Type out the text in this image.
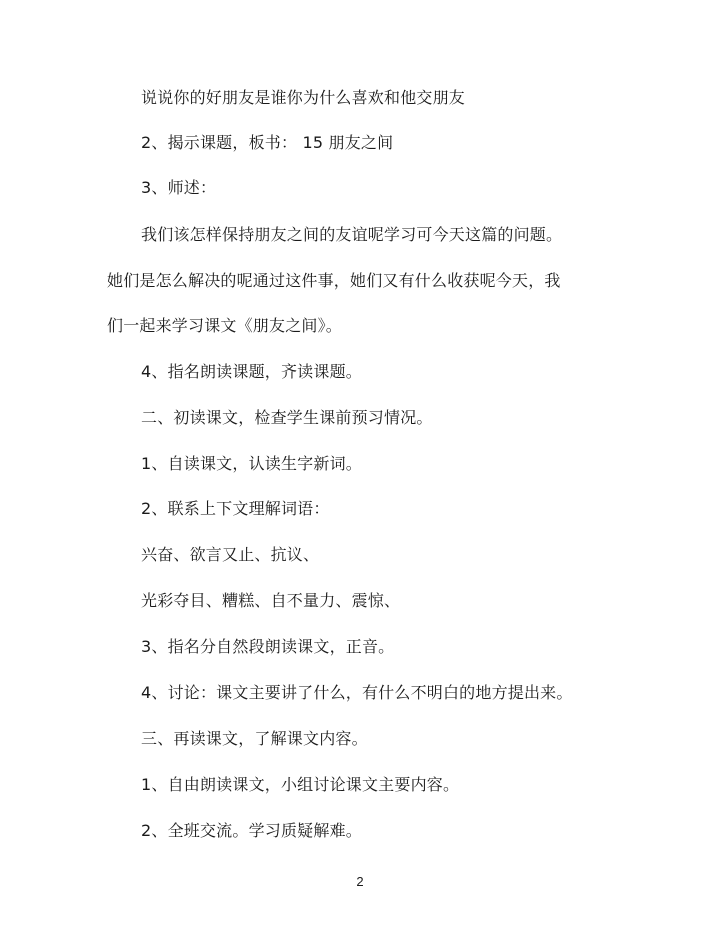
说说你的好朋友是谁你为什么喜欢和他交朋友
2、揭示课题，板书： 15 朋友之间
3、师述：
我们该怎样保持朋友之间的友谊呢学习可今天这篇的问题。
她们是怎么解决的呢通过这件事，她们又有什么收获呢今天，我
们一起来学习课文《朋友之间》。
4、指名朗读课题，齐读课题。
二、初读课文，检查学生课前预习情况。
1、自读课文，认读生字新词。
2、联系上下文理解词语：
兴奋、欲言又止、抗议、
光彩夺目、糟糕、自不量力、震惊、
3、指名分自然段朗读课文，正音。
4、讨论：课文主要讲了什么，有什么不明白的地方提出来。
三、再读课文，了解课文内容。
1、自由朗读课文，小组讨论课文主要内容。
2、全班交流。学习质疑解难。
2
